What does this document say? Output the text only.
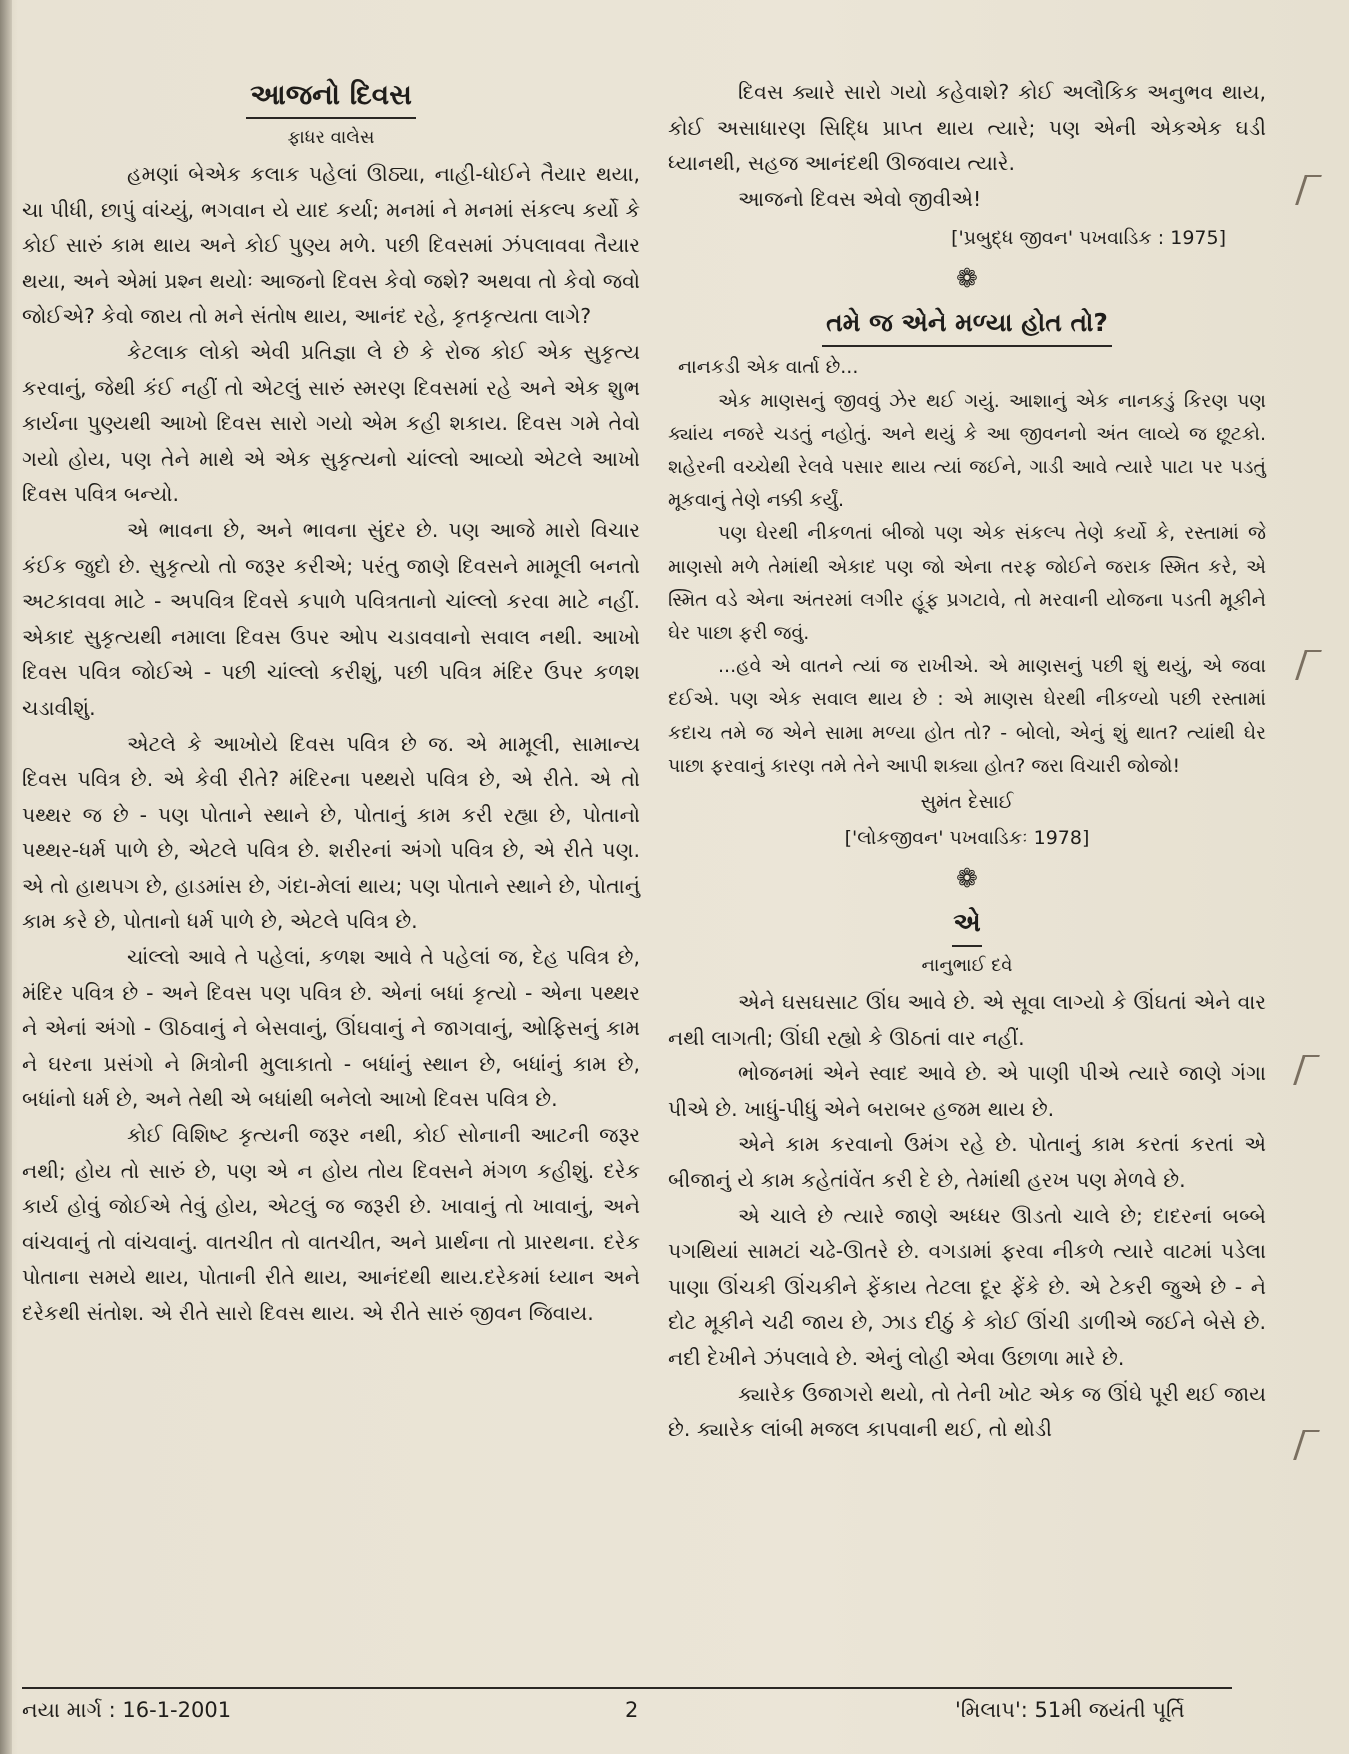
આજનો દિવસ

ફાધર વાલેસ

હમણાં બેએક કલાક પહેલાં ઊઠ્યા, નાહી-ધોઈને તૈયાર થયા, ચા પીધી, છાપું વાંચ્યું, ભગવાન યે યાદ કર્યા; મનમાં ને મનમાં સંકલ્પ કર્યો કે કોઈ સારું કામ થાય અને કોઈ પુણ્ય મળે. પછી દિવસમાં ઝંપલાવવા તૈયાર થયા, અને એમાં પ્રશ્ન થયોઃ આજનો દિવસ કેવો જશે? અથવા તો કેવો જવો જોઈએ? કેવો જાય તો મને સંતોષ થાય, આનંદ રહે, કૃતકૃત્યતા લાગે?

કેટલાક લોકો એવી પ્રતિજ્ઞા લે છે કે રોજ કોઈ એક સુકૃત્ય કરવાનું, જેથી કંઈ નહીં તો એટલું સારું સ્મરણ દિવસમાં રહે અને એક શુભ કાર્યના પુણ્યથી આખો દિવસ સારો ગયો એમ કહી શકાય. દિવસ ગમે તેવો ગયો હોય, પણ તેને માથે એ એક સુકૃત્યનો ચાંલ્લો આવ્યો એટલે આખો દિવસ પવિત્ર બન્યો.

એ ભાવના છે, અને ભાવના સુંદર છે. પણ આજે મારો વિચાર કંઈક જુદો છે. સુકૃત્યો તો જરૂર કરીએ; પરંતુ જાણે દિવસને મામૂલી બનતો અટકાવવા માટે - અપવિત્ર દિવસે કપાળે પવિત્રતાનો ચાંલ્લો કરવા માટે નહીં. એકાદ સુકૃત્યથી નમાલા દિવસ ઉપર ઓપ ચડાવવાનો સવાલ નથી. આખો દિવસ પવિત્ર જોઈએ - પછી ચાંલ્લો કરીશું, પછી પવિત્ર મંદિર ઉપર કળશ ચડાવીશું.

એટલે કે આખોયે દિવસ પવિત્ર છે જ. એ મામૂલી, સામાન્ય દિવસ પવિત્ર છે. એ કેવી રીતે? મંદિરના પથ્થરો પવિત્ર છે, એ રીતે. એ તો પથ્થર જ છે - પણ પોતાને સ્થાને છે, પોતાનું કામ કરી રહ્યા છે, પોતાનો પથ્થર-ધર્મ પાળે છે, એટલે પવિત્ર છે. શરીરનાં અંગો પવિત્ર છે, એ રીતે પણ. એ તો હાથપગ છે, હાડમાંસ છે, ગંદા-મેલાં થાય; પણ પોતાને સ્થાને છે, પોતાનું કામ કરે છે, પોતાનો ધર્મ પાળે છે, એટલે પવિત્ર છે.

ચાંલ્લો આવે તે પહેલાં, કળશ આવે તે પહેલાં જ, દેહ પવિત્ર છે, મંદિર પવિત્ર છે - અને દિવસ પણ પવિત્ર છે. એનાં બધાં કૃત્યો - એના પથ્થર ને એનાં અંગો - ઊઠવાનું ને બેસવાનું, ઊંઘવાનું ને જાગવાનું, ઓફિસનું કામ ને ઘરના પ્રસંગો ને મિત્રોની મુલાકાતો - બધાંનું સ્થાન છે, બધાંનું કામ છે, બધાંનો ધર્મ છે, અને તેથી એ બધાંથી બનેલો આખો દિવસ પવિત્ર છે.

કોઈ વિશિષ્ટ કૃત્યની જરૂર નથી, કોઈ સોનાની આટની જરૂર નથી; હોય તો સારું છે, પણ એ ન હોય તોય દિવસને મંગળ કહીશું. દરેક કાર્ય હોવું જોઈએ તેવું હોય, એટલું જ જરૂરી છે. ખાવાનું તો ખાવાનું, અને વાંચવાનું તો વાંચવાનું. વાતચીત તો વાતચીત, અને પ્રાર્થના તો પ્રારથના. દરેક પોતાના સમયે થાય, પોતાની રીતે થાય, આનંદથી થાય.દરેકમાં ધ્યાન અને દરેકથી સંતોશ. એ રીતે સારો દિવસ થાય. એ રીતે સારું જીવન જિવાય.

દિવસ ક્યારે સારો ગયો કહેવાશે? કોઈ અલૌકિક અનુભવ થાય, કોઈ અસાધારણ સિદ્ધિ પ્રાપ્ત થાય ત્યારે; પણ એની એકએક ઘડી ધ્યાનથી, સહજ આનંદથી ઊજવાય ત્યારે.

આજનો દિવસ એવો જીવીએ!

['પ્રબુદ્ધ જીવન' પખવાડિક : 1975]

❁

તમે જ એને મળ્યા હોત તો?

નાનકડી એક વાર્તા છે...

એક માણસનું જીવવું ઝેર થઈ ગયું. આશાનું એક નાનકડું કિરણ પણ ક્યાંય નજરે ચડતું નહોતું. અને થયું કે આ જીવનનો અંત લાવ્યે જ છૂટકો. શહેરની વચ્ચેથી રેલવે પસાર થાય ત્યાં જઈને, ગાડી આવે ત્યારે પાટા પર પડતું મૂકવાનું તેણે નક્કી કર્યું.

પણ ઘેરથી નીકળતાં બીજો પણ એક સંકલ્પ તેણે કર્યો કે, રસ્તામાં જે માણસો મળે તેમાંથી એકાદ પણ જો એના તરફ જોઈને જરાક સ્મિત કરે, એ સ્મિત વડે એના અંતરમાં લગીર હૂંફ પ્રગટાવે, તો મરવાની યોજના પડતી મૂકીને ઘેર પાછા ફરી જવું.

...હવે એ વાતને ત્યાં જ રાખીએ. એ માણસનું પછી શું થયું, એ જવા દઈએ. પણ એક સવાલ થાય છે : એ માણસ ઘેરથી નીકળ્યો પછી રસ્તામાં કદાચ તમે જ એને સામા મળ્યા હોત તો? - બોલો, એનું શું થાત? ત્યાંથી ઘેર પાછા ફરવાનું કારણ તમે તેને આપી શક્યા હોત? જરા વિચારી જોજો!

સુમંત દેસાઈ

['લોકજીવન' પખવાડિકઃ 1978]

❁

એ

નાનુભાઈ દવે

એને ઘસઘસાટ ઊંઘ આવે છે. એ સૂવા લાગ્યો કે ઊંઘતાં એને વાર નથી લાગતી; ઊંઘી રહ્યો કે ઊઠતાં વાર નહીં.

ભોજનમાં એને સ્વાદ આવે છે. એ પાણી પીએ ત્યારે જાણે ગંગા પીએ છે. ખાધું-પીધું એને બરાબર હજમ થાય છે.

એને કામ કરવાનો ઉમંગ રહે છે. પોતાનું કામ કરતાં કરતાં એ બીજાનું યે કામ કહેતાંવેંત કરી દે છે, તેમાંથી હરખ પણ મેળવે છે.

એ ચાલે છે ત્યારે જાણે અધ્ધર ઊડતો ચાલે છે; દાદરનાં બબ્બે પગથિયાં સામટાં ચઢે-ઊતરે છે. વગડામાં ફરવા નીકળે ત્યારે વાટમાં પડેલા પાણા ઊંચકી ઊંચકીને ફેંકાય તેટલા દૂર ફેંકે છે. એ ટેકરી જુએ છે - ને દોટ મૂકીને ચઢી જાય છે, ઝાડ દીઠું કે કોઈ ઊંચી ડાળીએ જઈને બેસે છે. નદી દેખીને ઝંપલાવે છે. એનું લોહી એવા ઉછાળા મારે છે.

ક્યારેક ઉજાગરો થયો, તો તેની ખોટ એક જ ઊંઘે પૂરી થઈ જાય છે. ક્યારેક લાંબી મજલ કાપવાની થઈ, તો થોડી

નયા માર્ગ : 16-1-2001	2	'મિલાપ': 51મી જયંતી પૂર્તિ
